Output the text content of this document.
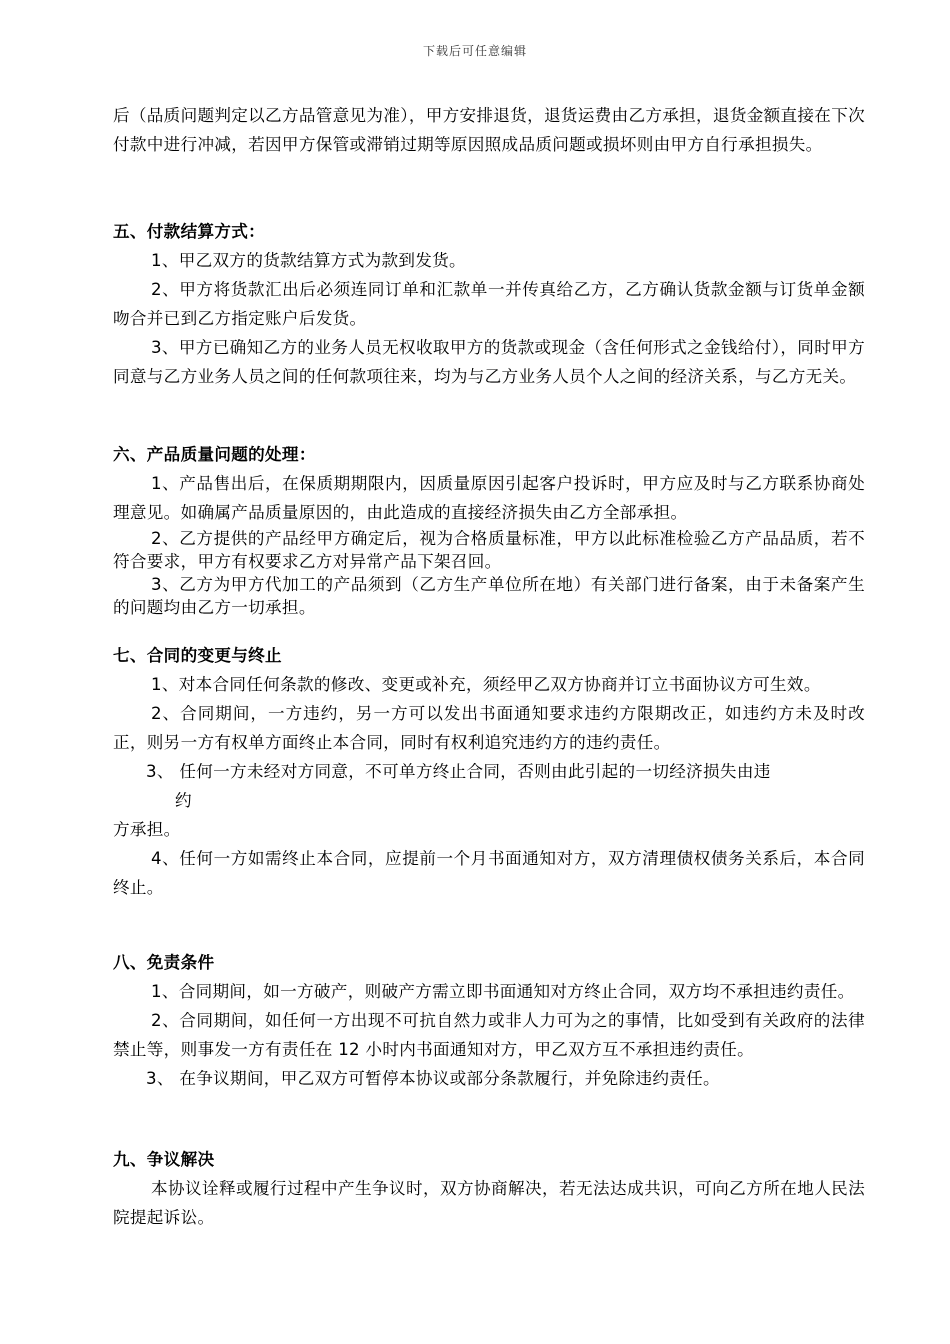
下载后可任意编辑

后（品质问题判定以乙方品管意见为准），甲方安排退货，退货运费由乙方承担，退货金额直接在下次付款中进行冲减，若因甲方保管或滞销过期等原因照成品质问题或损坏则由甲方自行承担损失。

五、付款结算方式：

1、甲乙双方的货款结算方式为款到发货。

2、甲方将货款汇出后必须连同订单和汇款单一并传真给乙方，乙方确认货款金额与订货单金额吻合并已到乙方指定账户后发货。

3、甲方已确知乙方的业务人员无权收取甲方的货款或现金（含任何形式之金钱给付），同时甲方同意与乙方业务人员之间的任何款项往来，均为与乙方业务人员个人之间的经济关系，与乙方无关。

六、产品质量问题的处理：

1、产品售出后，在保质期期限内，因质量原因引起客户投诉时，甲方应及时与乙方联系协商处理意见。如确属产品质量原因的，由此造成的直接经济损失由乙方全部承担。

2、乙方提供的产品经甲方确定后，视为合格质量标准，甲方以此标准检验乙方产品品质，若不符合要求，甲方有权要求乙方对异常产品下架召回。

3、乙方为甲方代加工的产品须到（乙方生产单位所在地）有关部门进行备案，由于未备案产生的问题均由乙方一切承担。

七、合同的变更与终止

1、对本合同任何条款的修改、变更或补充，须经甲乙双方协商并订立书面协议方可生效。

2、合同期间，一方违约，另一方可以发出书面通知要求违约方限期改正，如违约方未及时改正，则另一方有权单方面终止本合同，同时有权利追究违约方的违约责任。

3、 任何一方未经对方同意，不可单方终止合同，否则由此引起的一切经济损失由违

约

方承担。

4、任何一方如需终止本合同，应提前一个月书面通知对方，双方清理债权债务关系后，本合同终止。

八、免责条件

1、合同期间，如一方破产，则破产方需立即书面通知对方终止合同，双方均不承担违约责任。

2、合同期间，如任何一方出现不可抗自然力或非人力可为之的事情，比如受到有关政府的法律禁止等，则事发一方有责任在 12 小时内书面通知对方，甲乙双方互不承担违约责任。

3、 在争议期间，甲乙双方可暂停本协议或部分条款履行，并免除违约责任。

九、争议解决

本协议诠释或履行过程中产生争议时，双方协商解决，若无法达成共识，可向乙方所在地人民法院提起诉讼。
